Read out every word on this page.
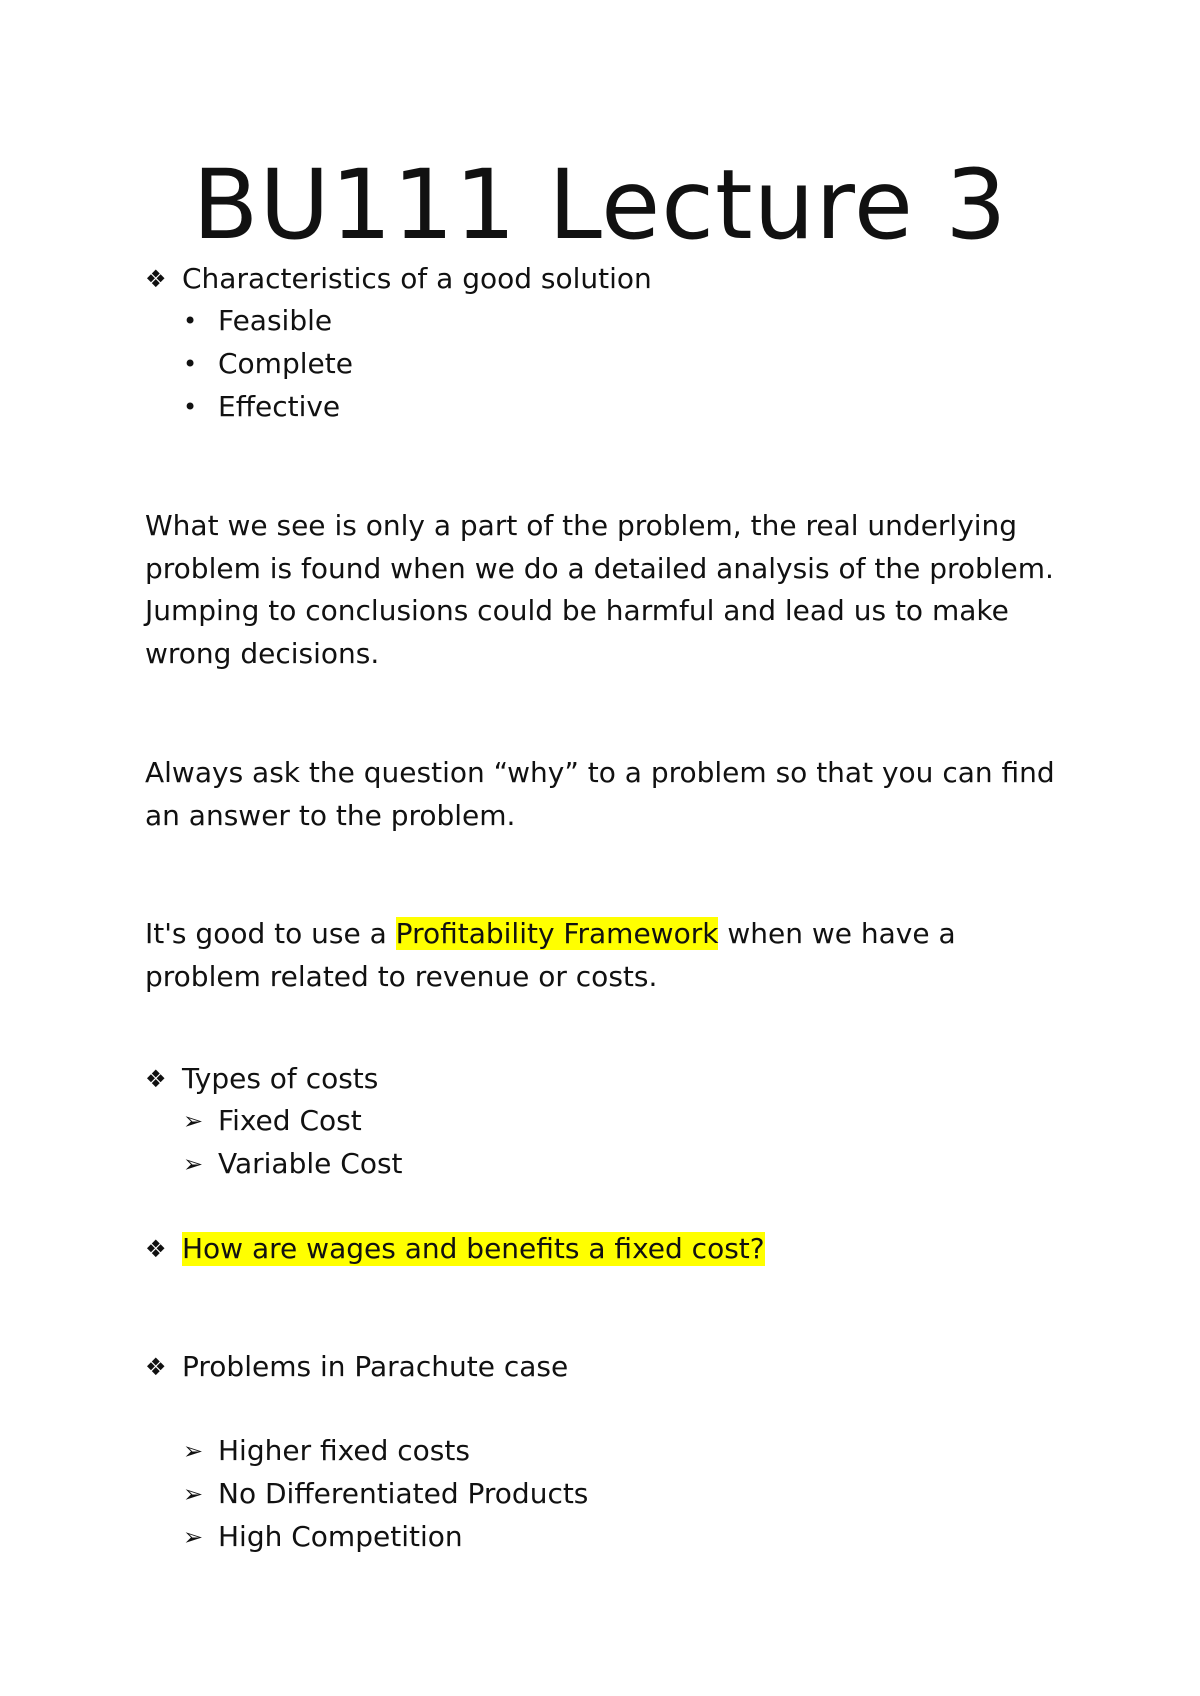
BU111 Lecture 3
❖ Characteristics of a good solution
• Feasible
• Complete
• Effective

What we see is only a part of the problem, the real underlying problem is found when we do a detailed analysis of the problem. Jumping to conclusions could be harmful and lead us to make wrong decisions.

Always ask the question “why” to a problem so that you can find an answer to the problem.

It's good to use a Profitability Framework when we have a problem related to revenue or costs.

❖ Types of costs
➢ Fixed Cost
➢ Variable Cost
❖ How are wages and benefits a fixed cost?
❖ Problems in Parachute case
➢ Higher fixed costs
➢ No Differentiated Products
➢ High Competition
